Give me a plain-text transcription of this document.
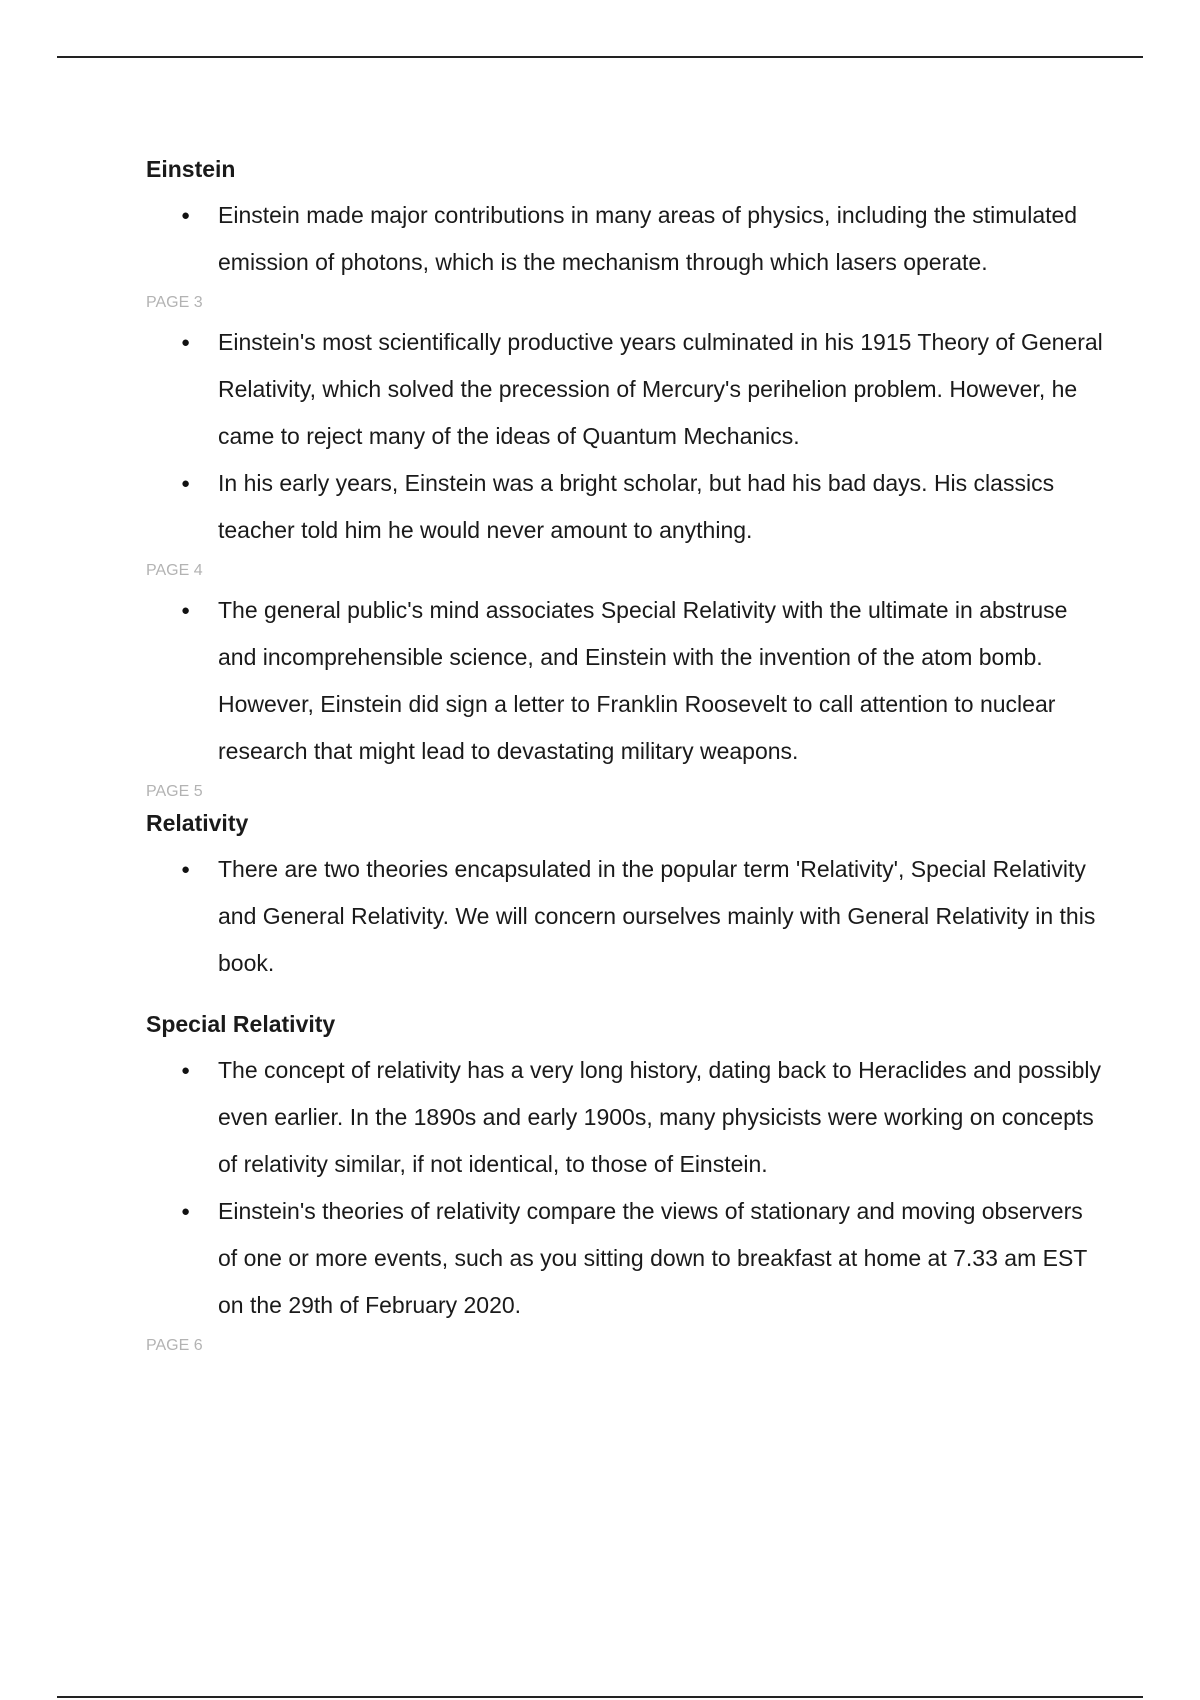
Einstein
● Einstein made major contributions in many areas of physics, including the stimulated emission of photons, which is the mechanism through which lasers operate.
PAGE 3
● Einstein's most scientifically productive years culminated in his 1915 Theory of General Relativity, which solved the precession of Mercury's perihelion problem. However, he came to reject many of the ideas of Quantum Mechanics.
● In his early years, Einstein was a bright scholar, but had his bad days. His classics teacher told him he would never amount to anything.
PAGE 4
● The general public's mind associates Special Relativity with the ultimate in abstruse and incomprehensible science, and Einstein with the invention of the atom bomb. However, Einstein did sign a letter to Franklin Roosevelt to call attention to nuclear research that might lead to devastating military weapons.
PAGE 5
Relativity
● There are two theories encapsulated in the popular term 'Relativity', Special Relativity and General Relativity. We will concern ourselves mainly with General Relativity in this book.
Special Relativity
● The concept of relativity has a very long history, dating back to Heraclides and possibly even earlier. In the 1890s and early 1900s, many physicists were working on concepts of relativity similar, if not identical, to those of Einstein.
● Einstein's theories of relativity compare the views of stationary and moving observers of one or more events, such as you sitting down to breakfast at home at 7.33 am EST on the 29th of February 2020.
PAGE 6
